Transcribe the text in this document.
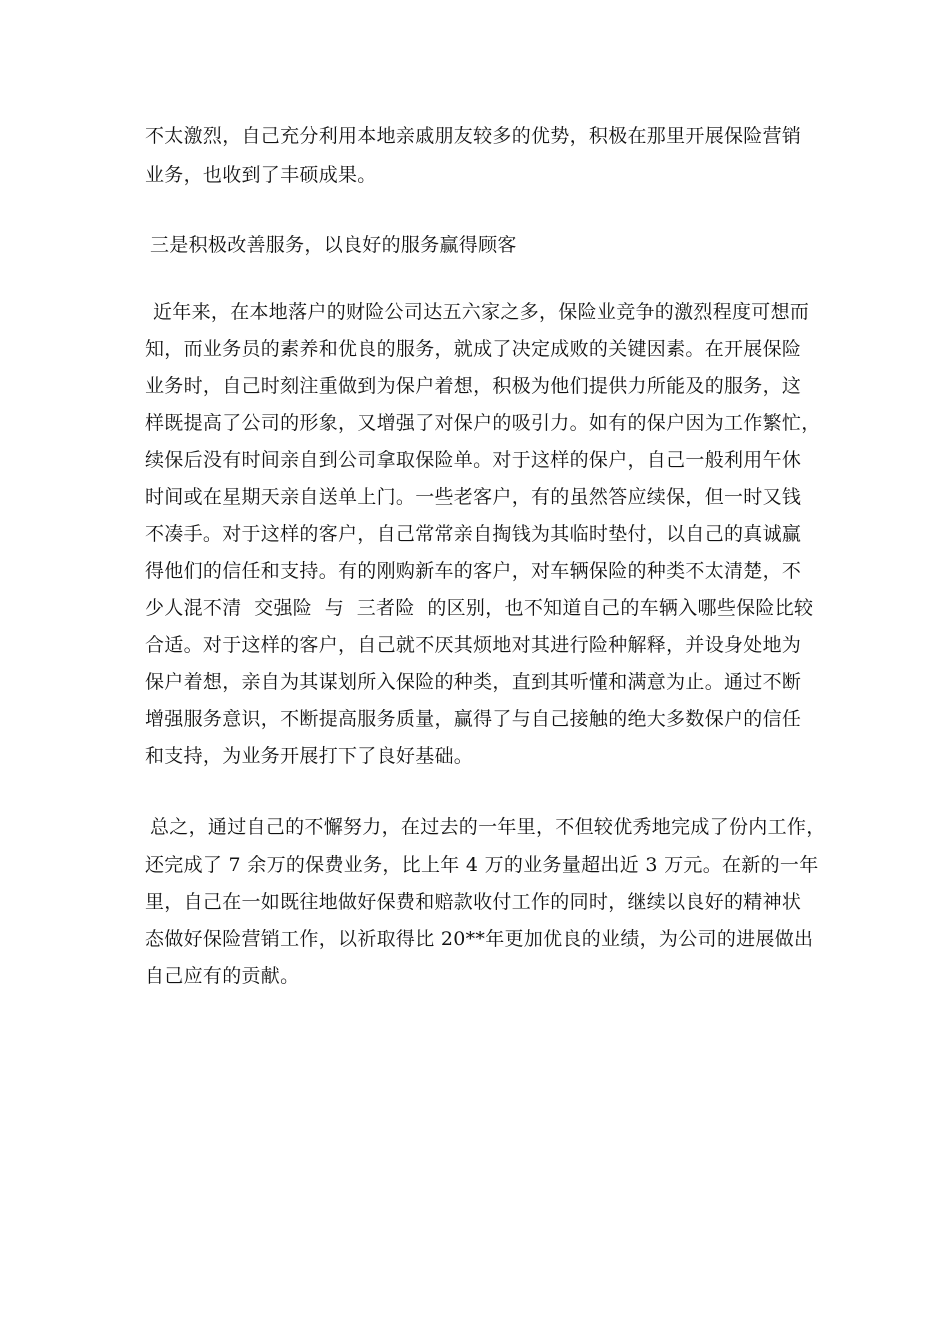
不太激烈，自己充分利用本地亲戚朋友较多的优势，积极在那里开展保险营销
业务，也收到了丰硕成果。
三是积极改善服务，以良好的服务赢得顾客
近年来，在本地落户的财险公司达五六家之多，保险业竞争的激烈程度可想而
知，而业务员的素养和优良的服务，就成了决定成败的关键因素。在开展保险
业务时，自己时刻注重做到为保户着想，积极为他们提供力所能及的服务，这
样既提高了公司的形象，又增强了对保户的吸引力。如有的保户因为工作繁忙，
续保后没有时间亲自到公司拿取保险单。对于这样的保户，自己一般利用午休
时间或在星期天亲自送单上门。一些老客户，有的虽然答应续保，但一时又钱
不凑手。对于这样的客户，自己常常亲自掏钱为其临时垫付，以自己的真诚赢
得他们的信任和支持。有的刚购新车的客户，对车辆保险的种类不太清楚，不
少人混不清  交强险  与  三者险  的区别，也不知道自己的车辆入哪些保险比较
合适。对于这样的客户，自己就不厌其烦地对其进行险种解释，并设身处地为
保户着想，亲自为其谋划所入保险的种类，直到其听懂和满意为止。通过不断
增强服务意识，不断提高服务质量，赢得了与自己接触的绝大多数保户的信任
和支持，为业务开展打下了良好基础。
总之，通过自己的不懈努力，在过去的一年里，不但较优秀地完成了份内工作，
还完成了 7 余万的保费业务，比上年 4 万的业务量超出近 3 万元。在新的一年
里，自己在一如既往地做好保费和赔款收付工作的同时，继续以良好的精神状
态做好保险营销工作，以祈取得比 20**年更加优良的业绩，为公司的进展做出
自己应有的贡献。
